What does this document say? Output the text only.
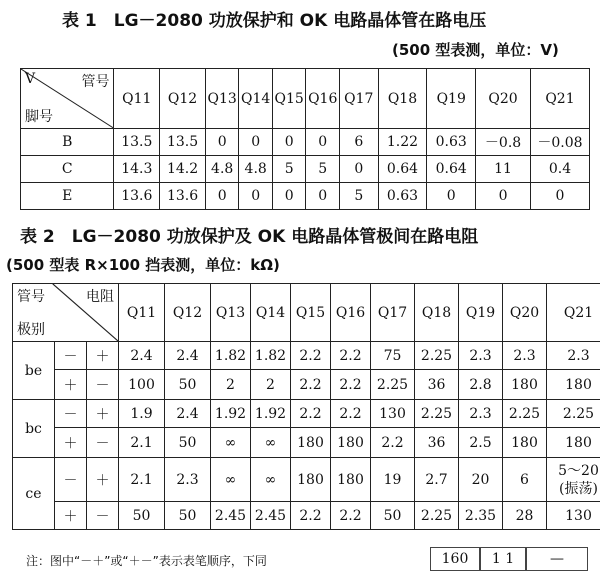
表 1　LG－2080 功放保护和 OK 电路晶体管在路电压
(500 型表测，单位：V)
V 管号
脚号	Q11	Q12	Q13	Q14	Q15	Q16	Q17	Q18	Q19	Q20	Q21
B	13.5	13.5	0	0	0	0	6	1.22	0.63	－0.8	－0.08
C	14.3	14.2	4.8	4.8	5	5	0	0.64	0.64	11	0.4
E	13.6	13.6	0	0	0	0	5	0.63	0	0	0
表 2　LG－2080 功放保护及 OK 电路晶体管极间在路电阻
(500 型表 R×100 挡表测，单位：kΩ)
管号 电阻
极别			Q11	Q12	Q13	Q14	Q15	Q16	Q17	Q18	Q19	Q20	Q21
be	－	＋	2.4	2.4	1.82	1.82	2.2	2.2	75	2.25	2.3	2.3	2.3
	＋	－	100	50	2	2	2.2	2.2	2.25	36	2.8	180	180
bc	－	＋	1.9	2.4	1.92	1.92	2.2	2.2	130	2.25	2.3	2.25	2.25
	＋	－	2.1	50	∞	∞	180	180	2.2	36	2.5	180	180
ce	－	＋	2.1	2.3	∞	∞	180	180	19	2.7	20	6	5～20
(振荡)
	＋	－	50	50	2.45	2.45	2.2	2.2	50	2.25	2.35	28	130
注：图中“－＋”或“＋－”表示表笔顺序，下同	160	1 1	—
